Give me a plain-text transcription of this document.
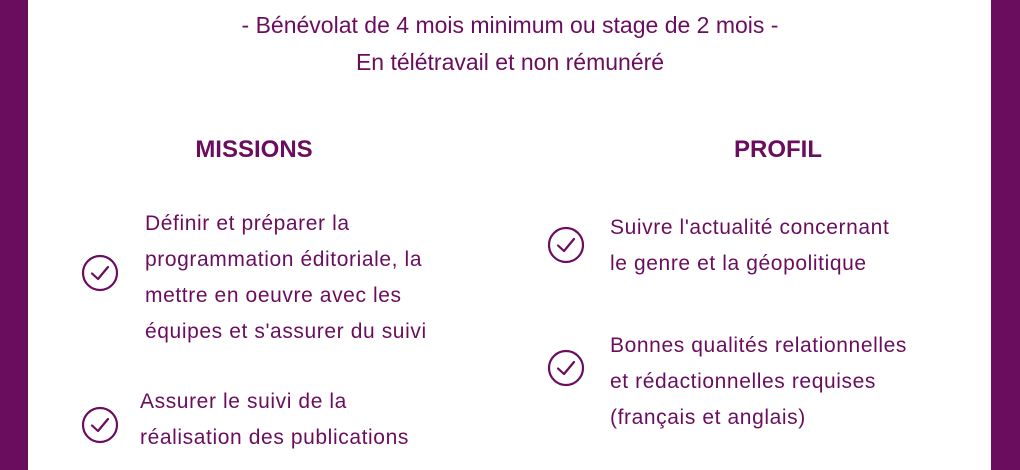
- Bénévolat de 4 mois minimum ou stage de 2 mois -
En télétravail et non rémunéré
MISSIONS	PROFIL

Définir et préparer la
programmation éditoriale, la
mettre en oeuvre avec les
équipes et s'assurer du suivi

Assurer le suivi de la
réalisation des publications

Suivre l'actualité concernant
le genre et la géopolitique

Bonnes qualités relationnelles
et rédactionnelles requises
(français et anglais)
